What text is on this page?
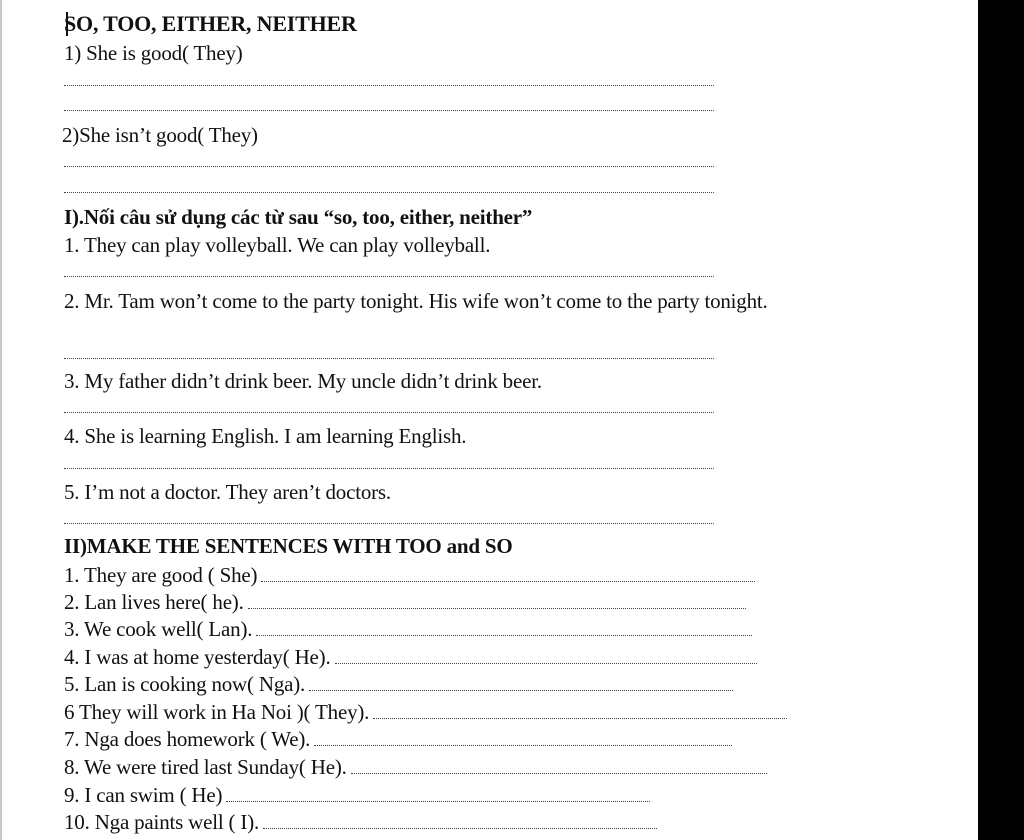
SO, TOO, EITHER, NEITHER
1) She is good( They)
2)She isn’t good( They)
I).Nối câu sử dụng các từ sau “so, too, either, neither”
1. They can play volleyball. We can play volleyball.
2. Mr. Tam won’t come to the party tonight. His wife won’t come to the party tonight.
3. My father didn’t drink beer. My uncle didn’t drink beer.
4. She is learning English. I am learning English.
5. I’m not a doctor. They aren’t doctors.
II)MAKE THE SENTENCES WITH TOO and SO
1. They are good ( She)
2. Lan lives here( he).
3. We cook well( Lan).
4. I was at home yesterday( He).
5. Lan is cooking now( Nga).
6 They will work in Ha Noi )( They).
7. Nga does homework ( We).
8. We were tired last Sunday( He).
9. I can swim ( He)
10. Nga paints well ( I).
